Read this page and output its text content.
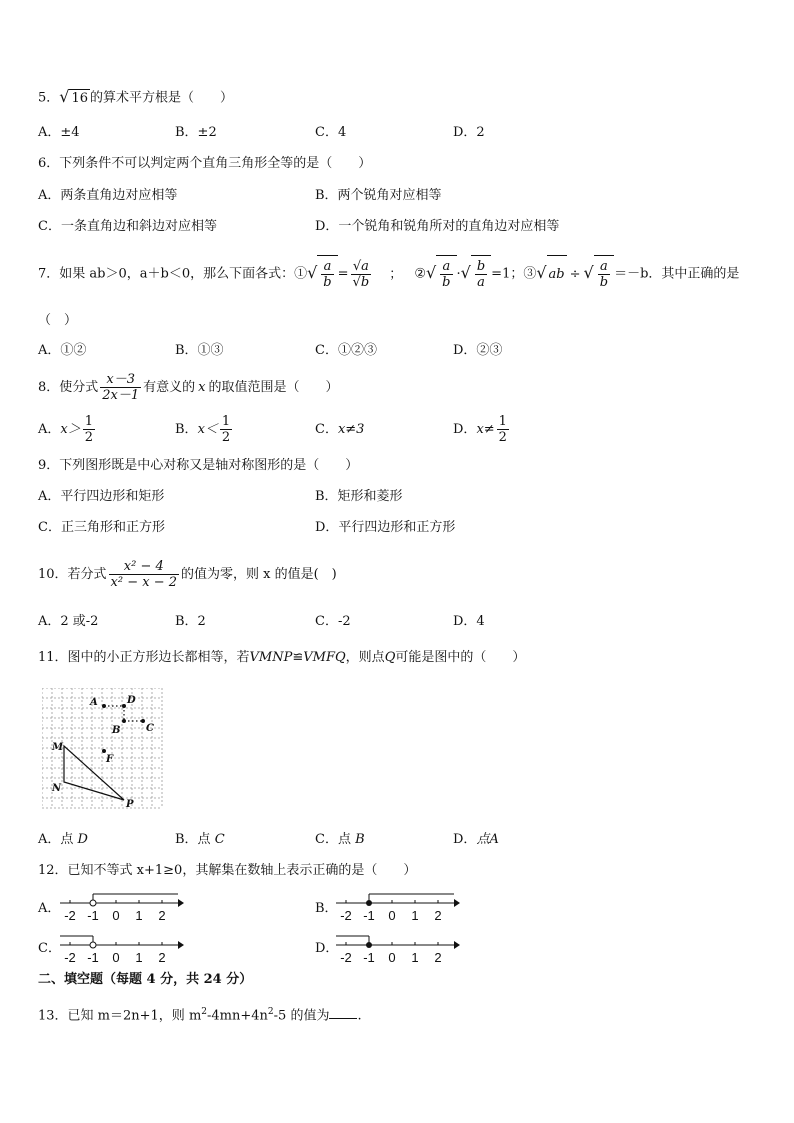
5．√ 16 的算术平方根是（　　）
A．±4	B．±2	C．4	D．2
6．下列条件不可以判定两个直角三角形全等的是（　　）
A．两条直角边对应相等	B．两个锐角对应相等
C．一条直角边和斜边对应相等	D．一个锐角和锐角所对的直角边对应相等
7．如果 ab＞0，a＋b＜0，那么下面各式：①√ $\frac{a}{b} = \frac{√a}{√b}$ ； ②√ $\frac{a}{b}$ ·√ $\frac{b}{a} =1$；③√ ab ÷ √ $\frac{a}{b} =-b$．其中正确的是
（　）
A．①②	B．①③	C．①②③	D．②③
8．使分式 $\frac{x-3}{2x-1}$ 有意义的 x 的取值范围是（　　）
A．$x> \frac{1}{2}$	B．$x< \frac{1}{2}$	C．x≠3	D．$x\ne \frac{1}{2}$
9．下列图形既是中心对称又是轴对称图形的是（　　）
A．平行四边形和矩形	B．矩形和菱形
C．正三角形和正方形	D．平行四边形和正方形
10．若分式 $\frac{\text{x² − 4}}{\text{x² − x − 2}}$ 的值为零，则 x 的值是(　)
A．2 或-2	B．2	C．-2	D．4
11．图中的小正方形边长都相等，若VMNP≌VMFQ，则点Q可能是图中的（　　）
A	D
B	C
M
F
N
P
A．点 D	B．点 C	C．点 B	D．点A
12．已知不等式 x+1≥0，其解集在数轴上表示正确的是（　　）
A． -2 -1 0 1 2	B． -2 -1 0 1 2
C．
-2 -1 0 1 2
D．
-2 -1 0 1 2
二、填空题（每题 4 分，共 24 分）
13．已知 m＝2n+1，则 $m^2-4mn+4n^2-5$ 的值为 .
